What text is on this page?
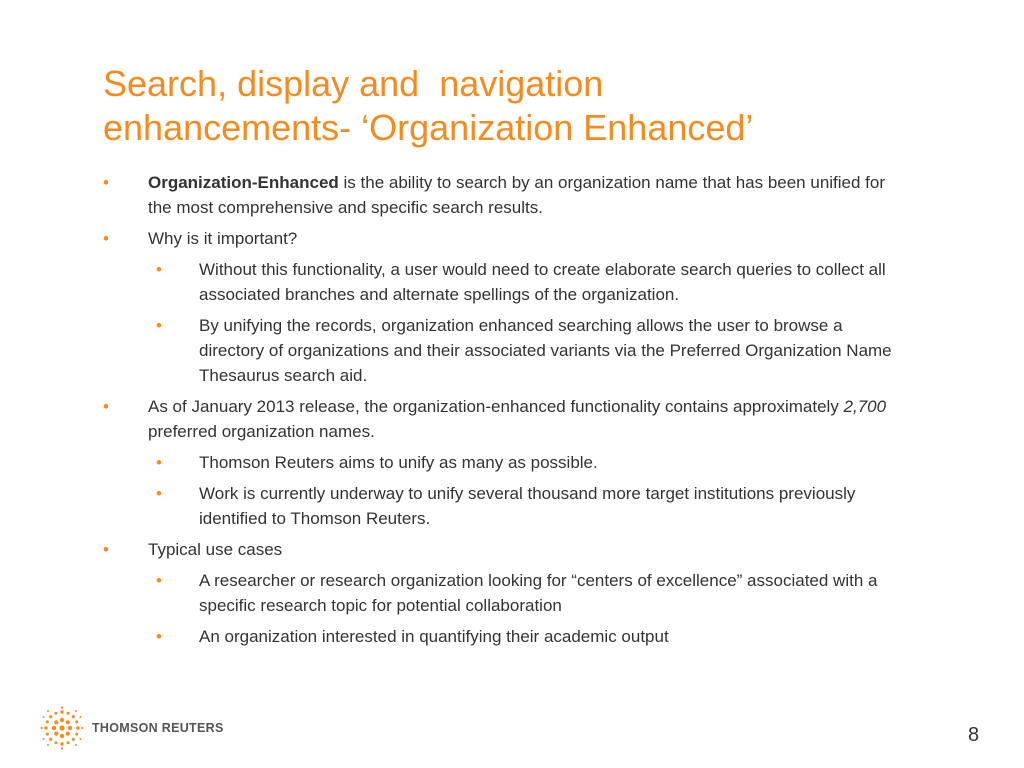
Search, display and  navigation
enhancements- ‘Organization Enhanced’
• Organization-Enhanced is the ability to search by an organization name that has been unified for the most comprehensive and specific search results.
• Why is it important?
• Without this functionality, a user would need to create elaborate search queries to collect all associated branches and alternate spellings of the organization.
• By unifying the records, organization enhanced searching allows the user to browse a directory of organizations and their associated variants via the Preferred Organization Name Thesaurus search aid.
• As of January 2013 release, the organization-enhanced functionality contains approximately 2,700 preferred organization names.
• Thomson Reuters aims to unify as many as possible.
• Work is currently underway to unify several thousand more target institutions previously identified to Thomson Reuters.
• Typical use cases
• A researcher or research organization looking for “centers of excellence” associated with a specific research topic for potential collaboration
• An organization interested in quantifying their academic output
THOMSON REUTERS	8
